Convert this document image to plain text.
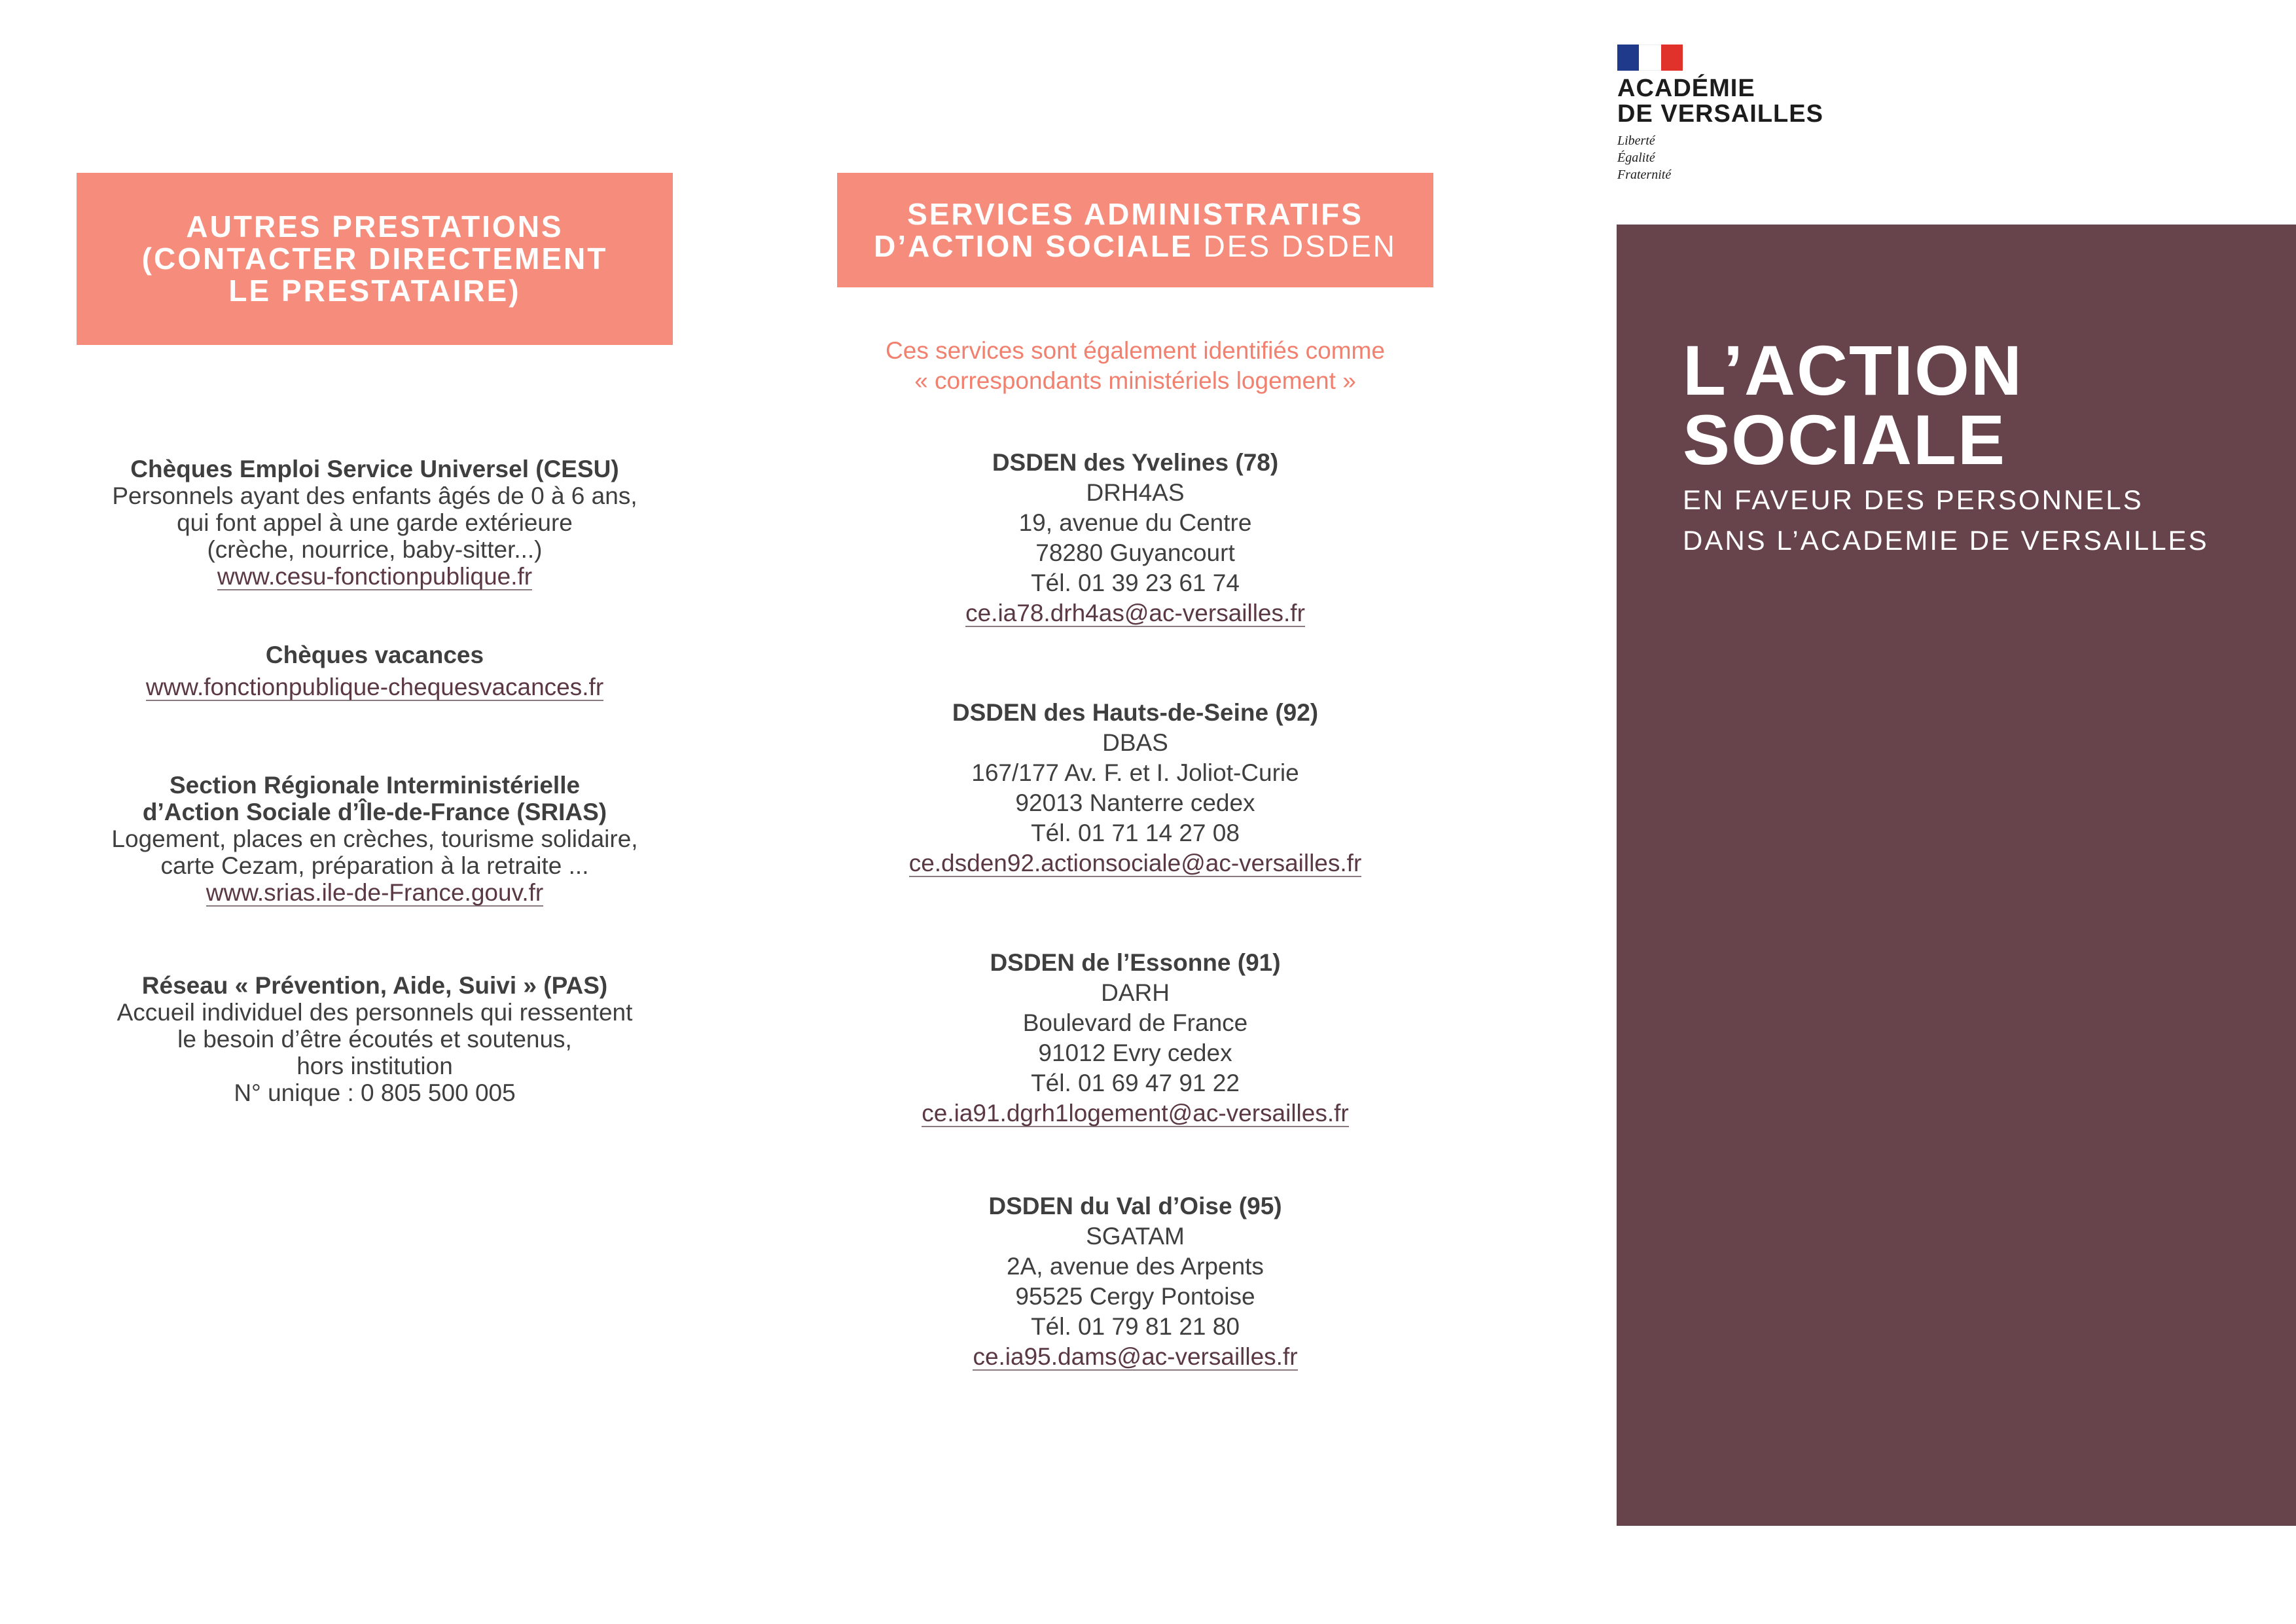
ACADÉMIE
DE VERSAILLES
Liberté
Égalité
Fraternité
AUTRES PRESTATIONS
(CONTACTER DIRECTEMENT
LE PRESTATAIRE)
Chèques Emploi Service Universel (CESU)
Personnels ayant des enfants âgés de 0 à 6 ans,
qui font appel à une garde extérieure
(crèche, nourrice, baby-sitter...)
www.cesu-fonctionpublique.fr
Chèques vacances
www.fonctionpublique-chequesvacances.fr
Section Régionale Interministérielle
d’Action Sociale d’Île-de-France (SRIAS)
Logement, places en crèches, tourisme solidaire,
carte Cezam, préparation à la retraite ...
www.srias.ile-de-France.gouv.fr
Réseau « Prévention, Aide, Suivi » (PAS)
Accueil individuel des personnels qui ressentent
le besoin d’être écoutés et soutenus,
hors institution
N° unique : 0 805 500 005
SERVICES ADMINISTRATIFS
D’ACTION SOCIALE DES DSDEN
Ces services sont également identifiés comme
« correspondants ministériels logement »
DSDEN des Yvelines (78)
DRH4AS
19, avenue du Centre
78280 Guyancourt
Tél. 01 39 23 61 74
ce.ia78.drh4as@ac-versailles.fr
DSDEN des Hauts-de-Seine (92)
DBAS
167/177 Av. F. et I. Joliot-Curie
92013 Nanterre cedex
Tél. 01 71 14 27 08
ce.dsden92.actionsociale@ac-versailles.fr
DSDEN de l’Essonne (91)
DARH
Boulevard de France
91012 Evry cedex
Tél. 01 69 47 91 22
ce.ia91.dgrh1logement@ac-versailles.fr
DSDEN du Val d’Oise (95)
SGATAM
2A, avenue des Arpents
95525 Cergy Pontoise
Tél. 01 79 81 21 80
ce.ia95.dams@ac-versailles.fr
L’ACTION
SOCIALE
EN FAVEUR DES PERSONNELS
DANS L’ACADEMIE DE VERSAILLES
